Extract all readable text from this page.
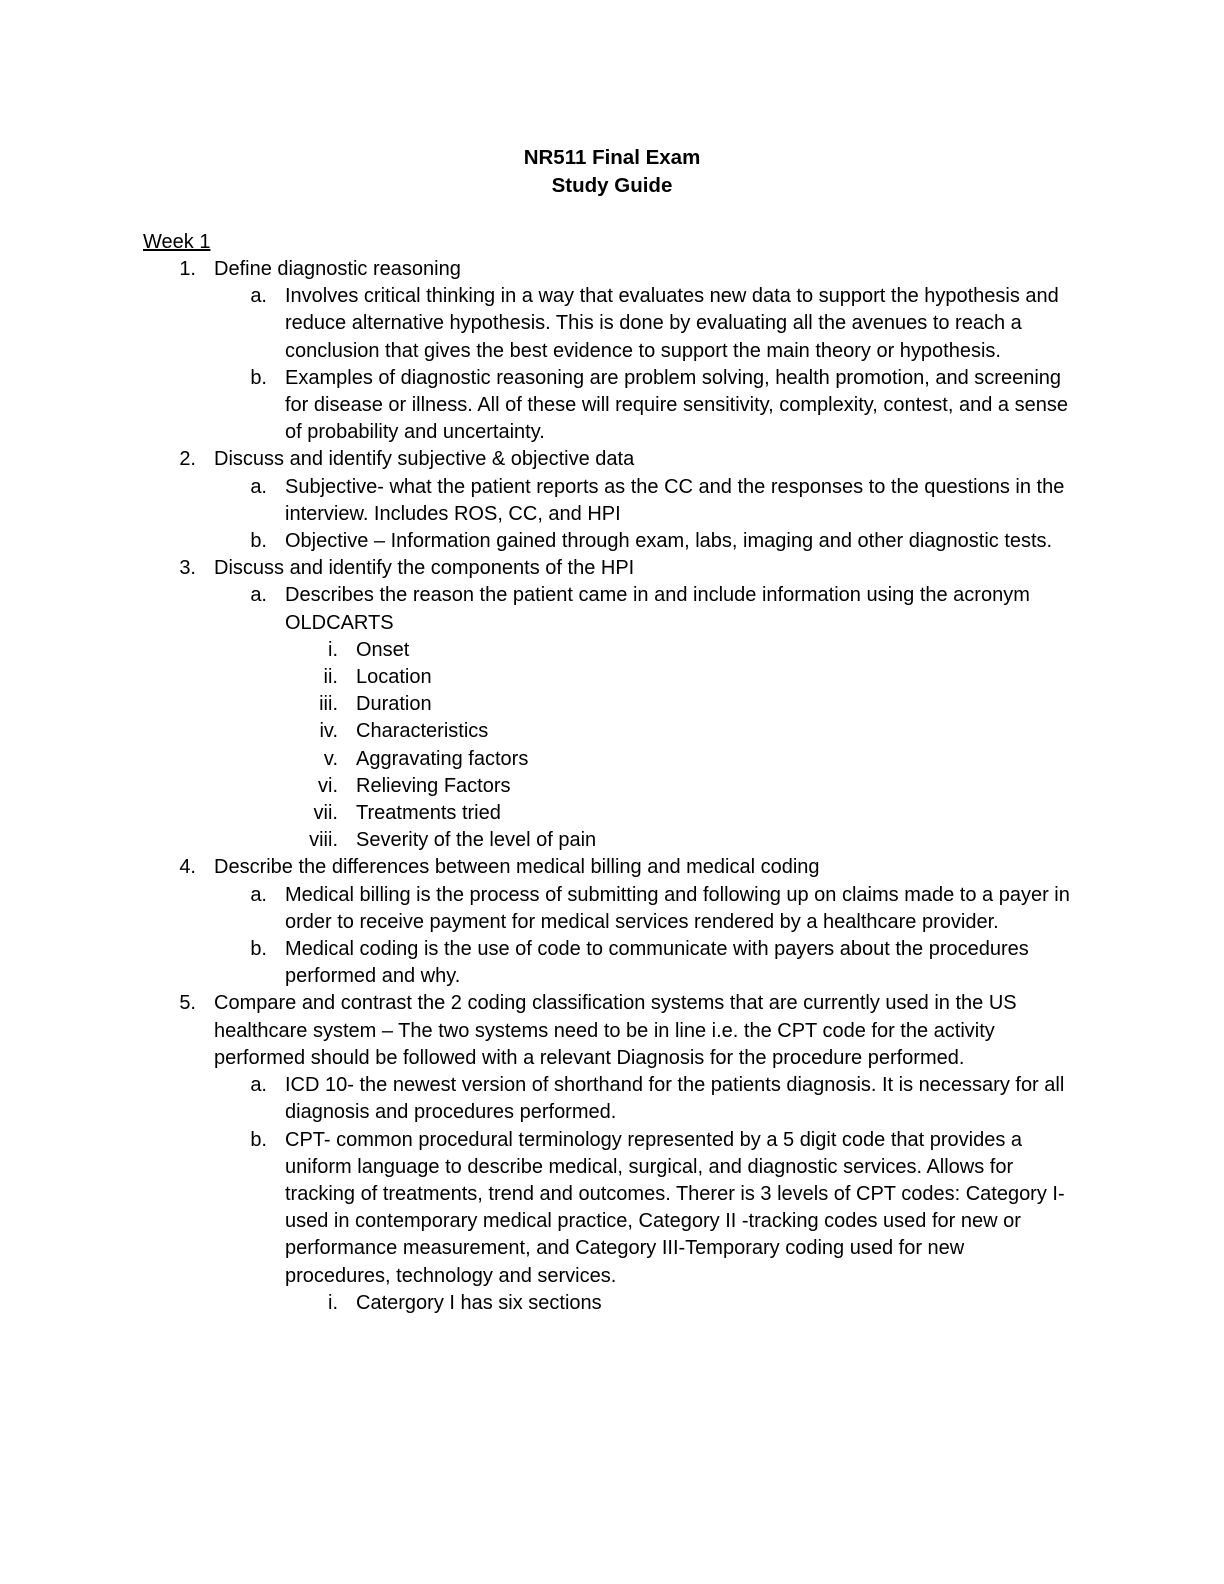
NR511 Final Exam
Study Guide
Week 1
1. Define diagnostic reasoning
a. Involves critical thinking in a way that evaluates new data to support the hypothesis and reduce alternative hypothesis. This is done by evaluating all the avenues to reach a conclusion that gives the best evidence to support the main theory or hypothesis.
b. Examples of diagnostic reasoning are problem solving, health promotion, and screening for disease or illness. All of these will require sensitivity, complexity, contest, and a sense of probability and uncertainty.
2. Discuss and identify subjective & objective data
a. Subjective- what the patient reports as the CC and the responses to the questions in the interview. Includes ROS, CC, and HPI
b. Objective – Information gained through exam, labs, imaging and other diagnostic tests.
3. Discuss and identify the components of the HPI
a. Describes the reason the patient came in and include information using the acronym OLDCARTS
i. Onset
ii. Location
iii. Duration
iv. Characteristics
v. Aggravating factors
vi. Relieving Factors
vii. Treatments tried
viii. Severity of the level of pain
4. Describe the differences between medical billing and medical coding
a. Medical billing is the process of submitting and following up on claims made to a payer in order to receive payment for medical services rendered by a healthcare provider.
b. Medical coding is the use of code to communicate with payers about the procedures performed and why.
5. Compare and contrast the 2 coding classification systems that are currently used in the US healthcare system – The two systems need to be in line i.e. the CPT code for the activity performed should be followed with a relevant Diagnosis for the procedure performed.
a. ICD 10- the newest version of shorthand for the patients diagnosis. It is necessary for all diagnosis and procedures performed.
b. CPT- common procedural terminology represented by a 5 digit code that provides a uniform language to describe medical, surgical, and diagnostic services. Allows for tracking of treatments, trend and outcomes. Therer is 3 levels of CPT codes: Category I- used in contemporary medical practice, Category II -tracking codes used for new or performance measurement, and Category III-Temporary coding used for new procedures, technology and services.
i. Catergory I has six sections
